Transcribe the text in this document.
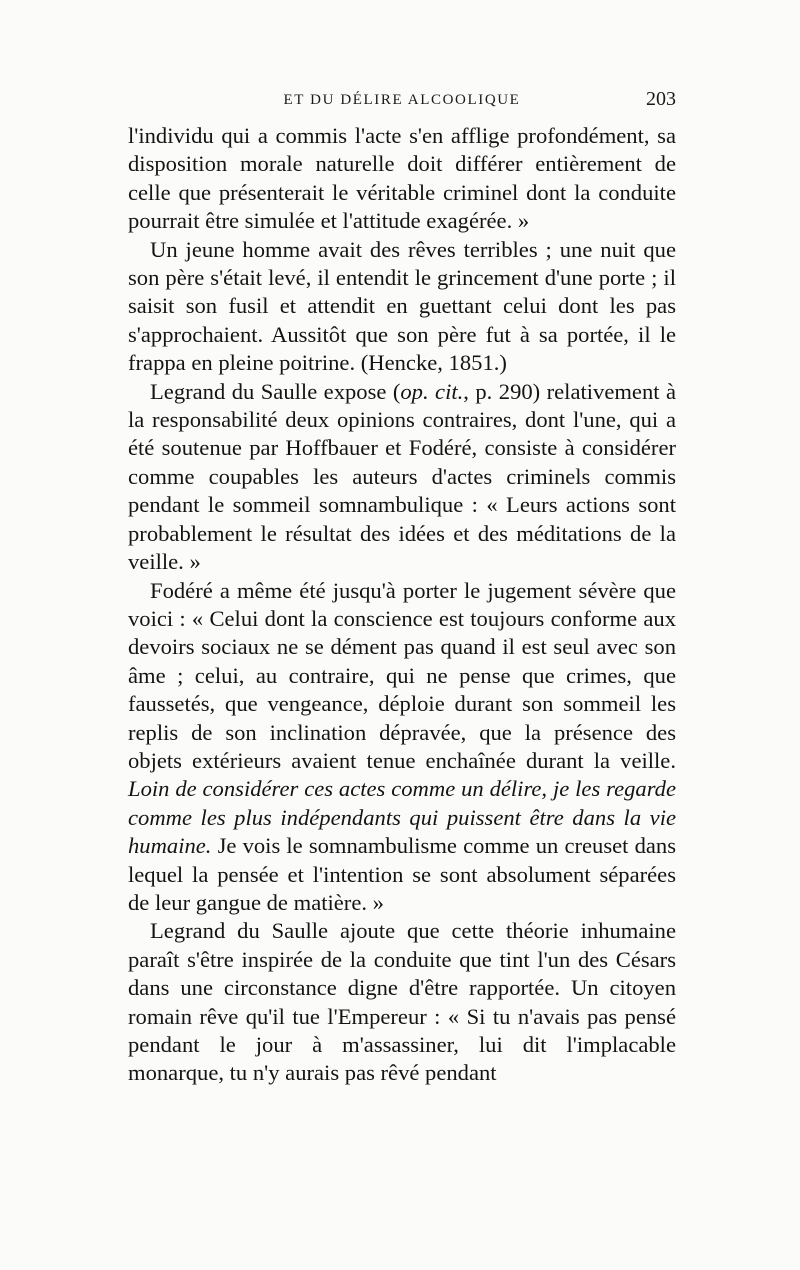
ET DU DÉLIRE ALCOOLIQUE	203

l'individu qui a commis l'acte s'en afflige profondément, sa disposition morale naturelle doit différer entièrement de celle que présenterait le véritable criminel dont la conduite pourrait être simulée et l'attitude exagérée. »

Un jeune homme avait des rêves terribles ; une nuit que son père s'était levé, il entendit le grincement d'une porte ; il saisit son fusil et attendit en guettant celui dont les pas s'approchaient. Aussitôt que son père fut à sa portée, il le frappa en pleine poitrine. (Hencke, 1851.)

Legrand du Saulle expose (op. cit., p. 290) relativement à la responsabilité deux opinions contraires, dont l'une, qui a été soutenue par Hoffbauer et Fodéré, consiste à considérer comme coupables les auteurs d'actes criminels commis pendant le sommeil somnambulique : « Leurs actions sont probablement le résultat des idées et des méditations de la veille. »

Fodéré a même été jusqu'à porter le jugement sévère que voici : « Celui dont la conscience est toujours conforme aux devoirs sociaux ne se dément pas quand il est seul avec son âme ; celui, au contraire, qui ne pense que crimes, que faussetés, que vengeance, déploie durant son sommeil les replis de son inclination dépravée, que la présence des objets extérieurs avaient tenue enchaînée durant la veille. Loin de considérer ces actes comme un délire, je les regarde comme les plus indépendants qui puissent être dans la vie humaine. Je vois le somnambulisme comme un creuset dans lequel la pensée et l'intention se sont absolument séparées de leur gangue de matière. »

Legrand du Saulle ajoute que cette théorie inhumaine paraît s'être inspirée de la conduite que tint l'un des Césars dans une circonstance digne d'être rapportée. Un citoyen romain rêve qu'il tue l'Empereur : « Si tu n'avais pas pensé pendant le jour à m'assassiner, lui dit l'implacable monarque, tu n'y aurais pas rêvé pendant
